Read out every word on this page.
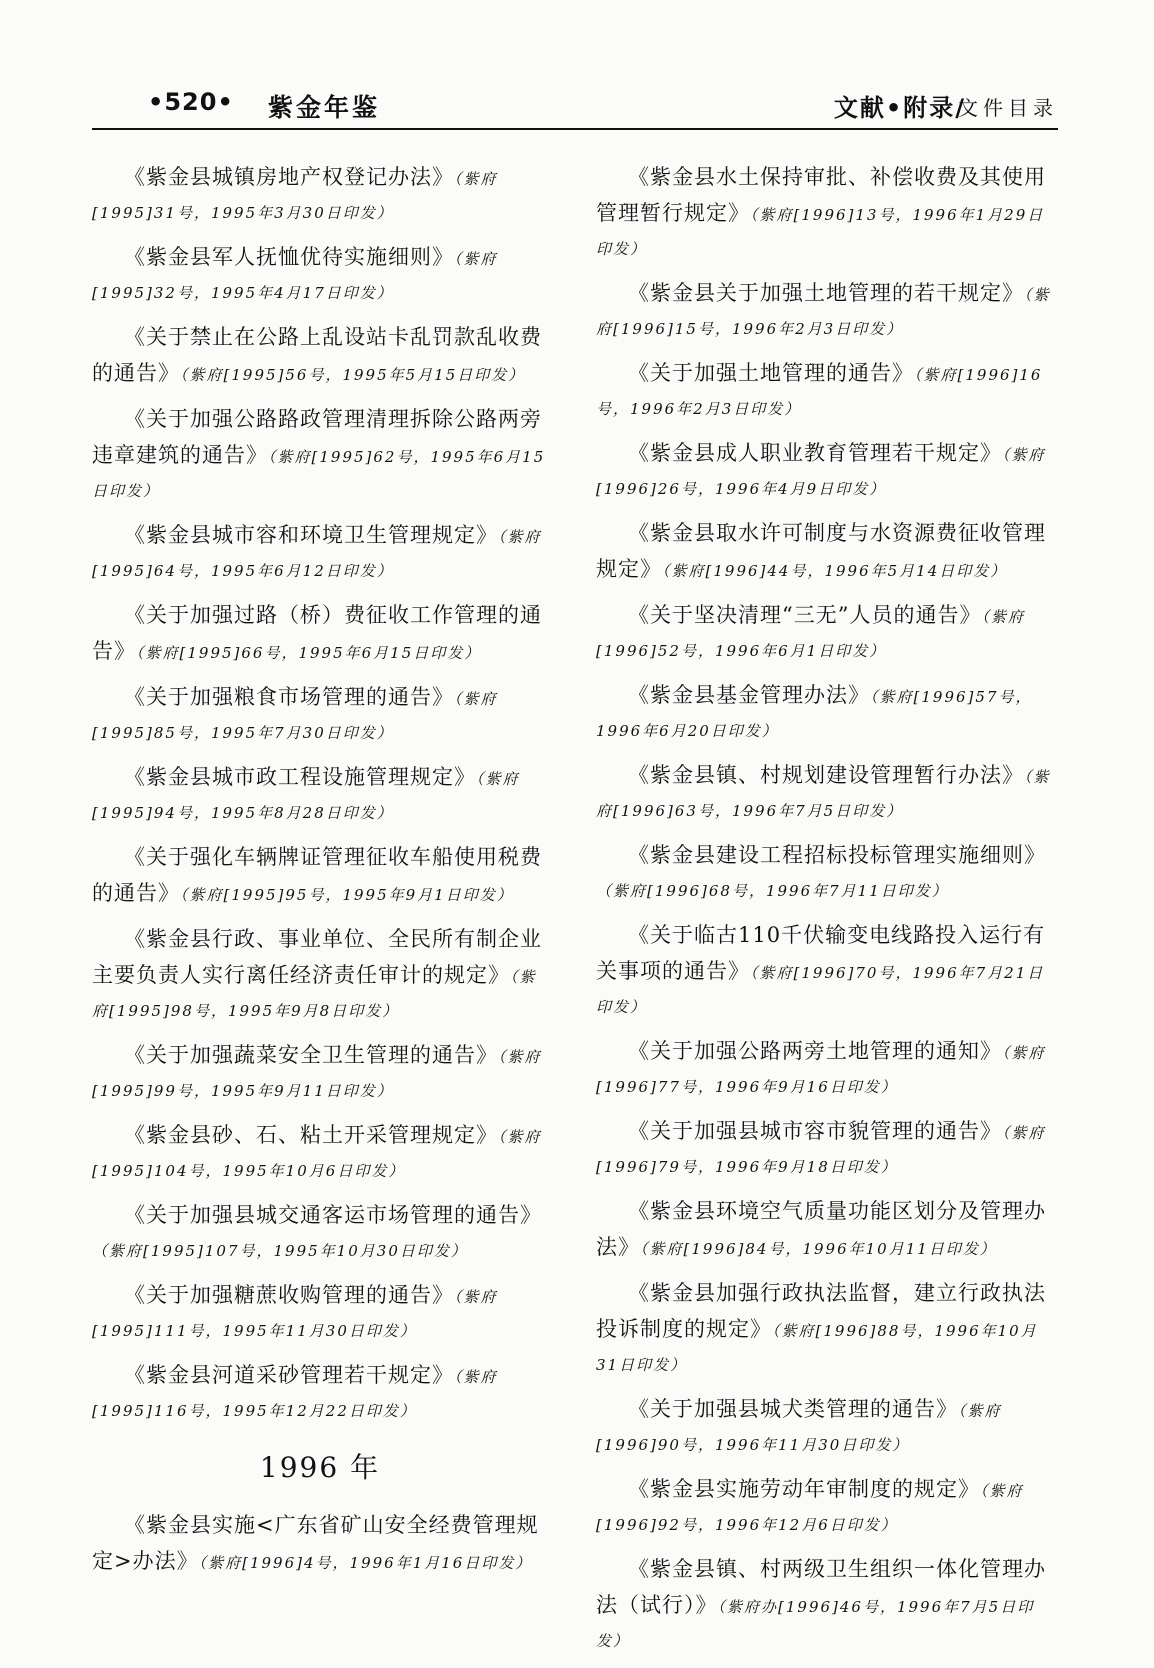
•520• 紫金年鉴	文献•附录/
文件目录

《紫金县城镇房地产权登记办法》（紫府[1995]31号，1995年3月30日印发）

《紫金县军人抚恤优待实施细则》（紫府[1995]32号，1995年4月17日印发）

《关于禁止在公路上乱设站卡乱罚款乱收费的通告》（紫府[1995]56号，1995年5月15日印发）

《关于加强公路路政管理清理拆除公路两旁违章建筑的通告》（紫府[1995]62号，1995年6月15日印发）

《紫金县城市容和环境卫生管理规定》（紫府[1995]64号，1995年6月12日印发）

《关于加强过路（桥）费征收工作管理的通告》（紫府[1995]66号，1995年6月15日印发）

《关于加强粮食市场管理的通告》（紫府[1995]85号，1995年7月30日印发）

《紫金县城市政工程设施管理规定》（紫府[1995]94号，1995年8月28日印发）

《关于强化车辆牌证管理征收车船使用税费的通告》（紫府[1995]95号，1995年9月1日印发）

《紫金县行政、事业单位、全民所有制企业主要负责人实行离任经济责任审计的规定》（紫府[1995]98号，1995年9月8日印发）

《关于加强蔬菜安全卫生管理的通告》（紫府[1995]99号，1995年9月11日印发）

《紫金县砂、石、粘土开采管理规定》（紫府[1995]104号，1995年10月6日印发）

《关于加强县城交通客运市场管理的通告》（紫府[1995]107号，1995年10月30日印发）

《关于加强糖蔗收购管理的通告》（紫府[1995]111号，1995年11月30日印发）

《紫金县河道采砂管理若干规定》（紫府[1995]116号，1995年12月22日印发）

1996 年

《紫金县实施<广东省矿山安全经费管理规定>办法》（紫府[1996]4号，1996年1月16日印发）

《紫金县水土保持审批、补偿收费及其使用管理暂行规定》（紫府[1996]13号，1996年1月29日印发）

《紫金县关于加强土地管理的若干规定》（紫府[1996]15号，1996年2月3日印发）

《关于加强土地管理的通告》（紫府[1996]16号，1996年2月3日印发）

《紫金县成人职业教育管理若干规定》（紫府[1996]26号，1996年4月9日印发）

《紫金县取水许可制度与水资源费征收管理规定》（紫府[1996]44号，1996年5月14日印发）

《关于坚决清理“三无”人员的通告》（紫府[1996]52号，1996年6月1日印发）

《紫金县基金管理办法》（紫府[1996]57号，1996年6月20日印发）

《紫金县镇、村规划建设管理暂行办法》（紫府[1996]63号，1996年7月5日印发）

《紫金县建设工程招标投标管理实施细则》（紫府[1996]68号，1996年7月11日印发）

《关于临古110千伏输变电线路投入运行有关事项的通告》（紫府[1996]70号，1996年7月21日印发）

《关于加强公路两旁土地管理的通知》（紫府[1996]77号，1996年9月16日印发）

《关于加强县城市容市貌管理的通告》（紫府[1996]79号，1996年9月18日印发）

《紫金县环境空气质量功能区划分及管理办法》（紫府[1996]84号，1996年10月11日印发）

《紫金县加强行政执法监督，建立行政执法投诉制度的规定》（紫府[1996]88号，1996年10月31日印发）

《关于加强县城犬类管理的通告》（紫府[1996]90号，1996年11月30日印发）

《紫金县实施劳动年审制度的规定》（紫府[1996]92号，1996年12月6日印发）

《紫金县镇、村两级卫生组织一体化管理办法（试行）》（紫府办[1996]46号，1996年7月5日印发）
